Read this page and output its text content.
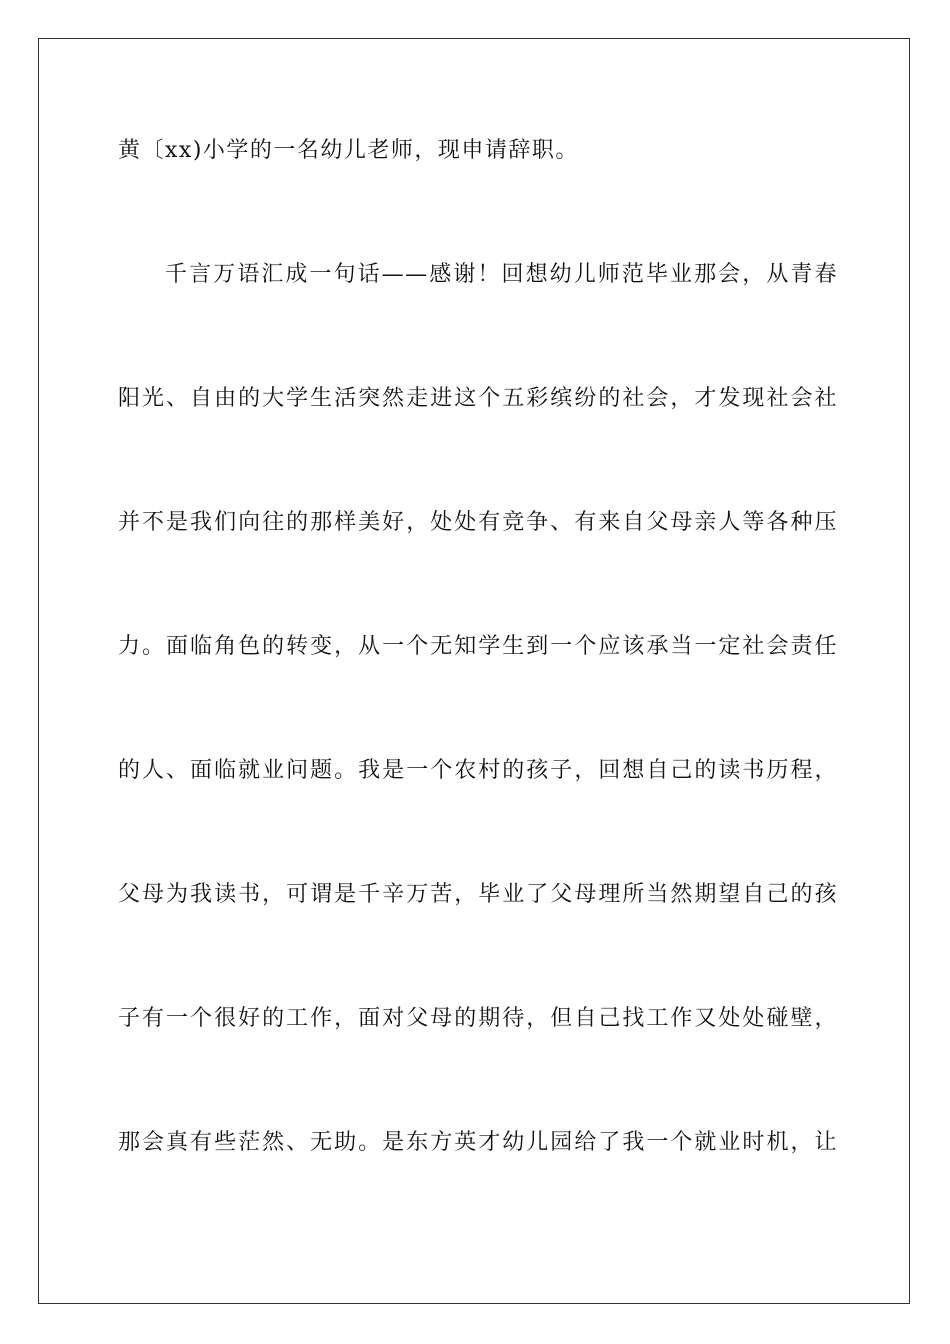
黄〔xx)小学的一名幼儿老师，现申请辞职。
千言万语汇成一句话——感谢！回想幼儿师范毕业那会，从青春
阳光、自由的大学生活突然走进这个五彩缤纷的社会，才发现社会社
并不是我们向往的那样美好，处处有竞争、有来自父母亲人等各种压
力。面临角色的转变，从一个无知学生到一个应该承当一定社会责任
的人、面临就业问题。我是一个农村的孩子，回想自己的读书历程，
父母为我读书，可谓是千辛万苦，毕业了父母理所当然期望自己的孩
子有一个很好的工作，面对父母的期待，但自己找工作又处处碰壁，
那会真有些茫然、无助。是东方英才幼儿园给了我一个就业时机，让
